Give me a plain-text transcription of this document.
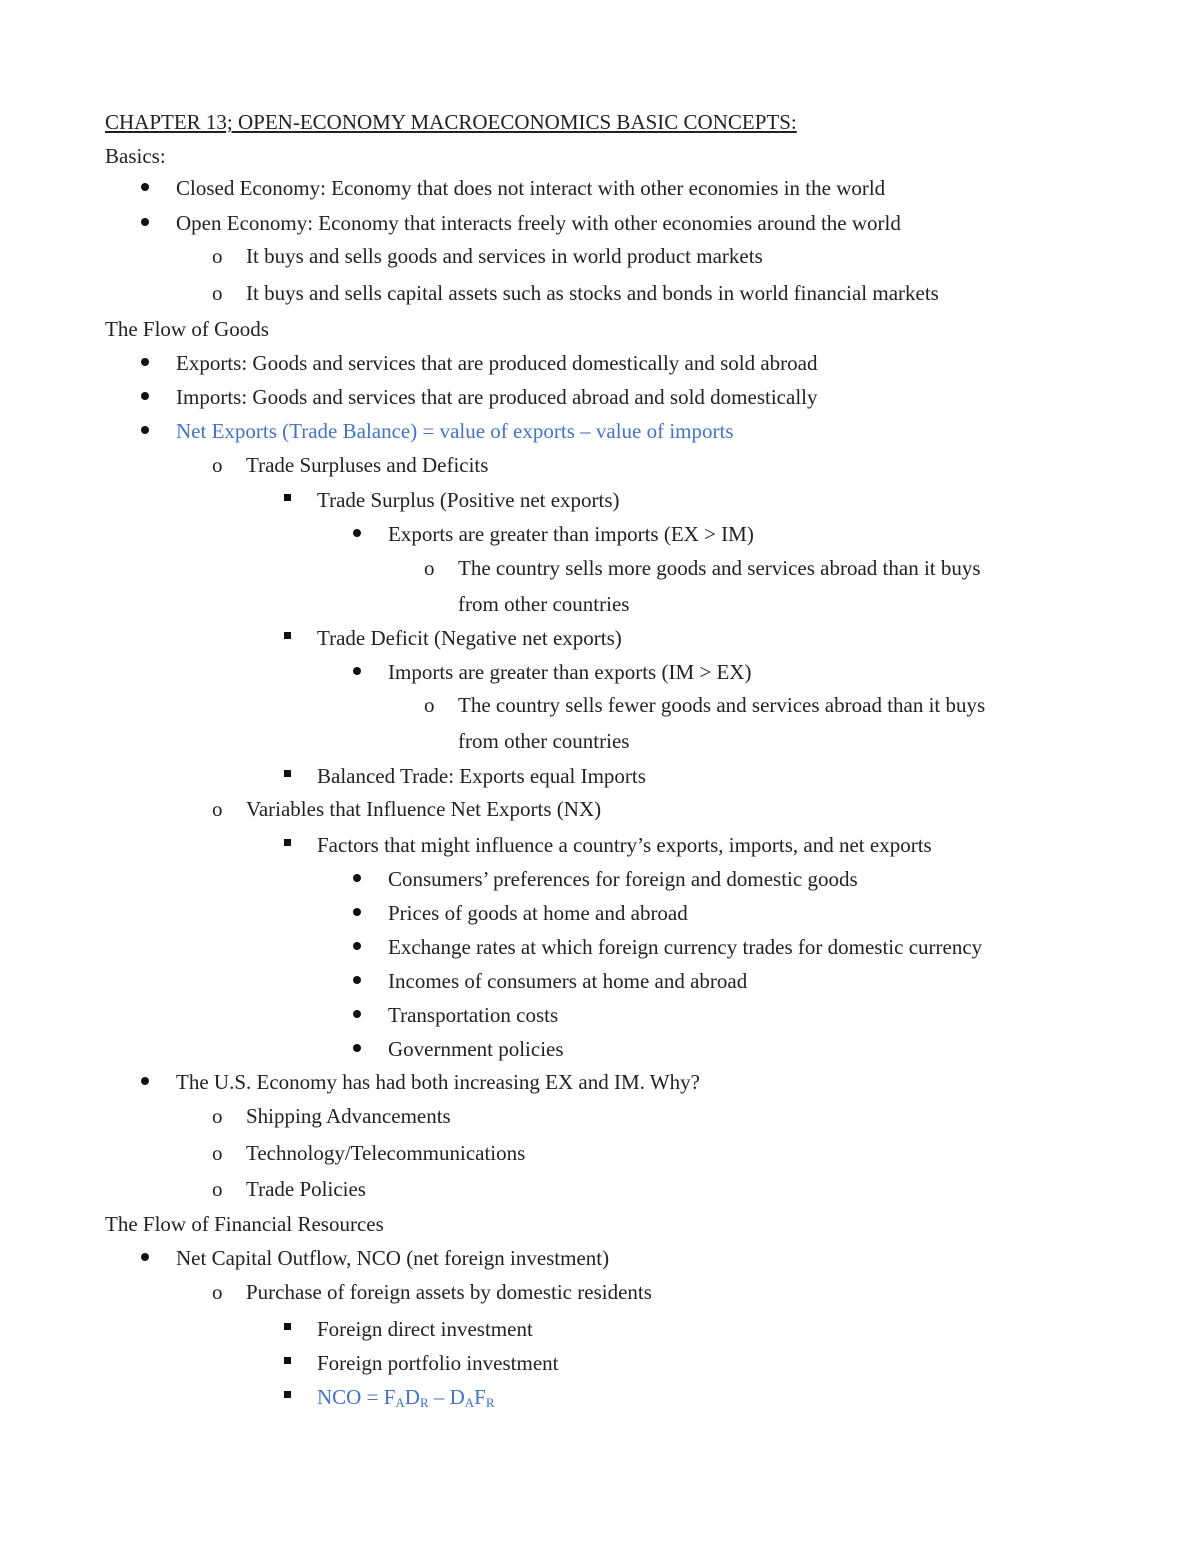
CHAPTER 13; OPEN-ECONOMY MACROECONOMICS BASIC CONCEPTS:
Basics:
Closed Economy: Economy that does not interact with other economies in the world
Open Economy: Economy that interacts freely with other economies around the world
o It buys and sells goods and services in world product markets
o It buys and sells capital assets such as stocks and bonds in world financial markets
The Flow of Goods
Exports: Goods and services that are produced domestically and sold abroad
Imports: Goods and services that are produced abroad and sold domestically
Net Exports (Trade Balance) = value of exports – value of imports
o Trade Surpluses and Deficits
Trade Surplus (Positive net exports)
Exports are greater than imports (EX > IM)
o The country sells more goods and services abroad than it buys
from other countries
Trade Deficit (Negative net exports)
Imports are greater than exports (IM > EX)
o The country sells fewer goods and services abroad than it buys
from other countries
Balanced Trade: Exports equal Imports
o Variables that Influence Net Exports (NX)
Factors that might influence a country’s exports, imports, and net exports
Consumers’ preferences for foreign and domestic goods
Prices of goods at home and abroad
Exchange rates at which foreign currency trades for domestic currency
Incomes of consumers at home and abroad
Transportation costs
Government policies
The U.S. Economy has had both increasing EX and IM. Why?
o Shipping Advancements
o Technology/Telecommunications
o Trade Policies
The Flow of Financial Resources
Net Capital Outflow, NCO (net foreign investment)
o Purchase of foreign assets by domestic residents
Foreign direct investment
Foreign portfolio investment
NCO = $F_AD_R - D_AF_R$
